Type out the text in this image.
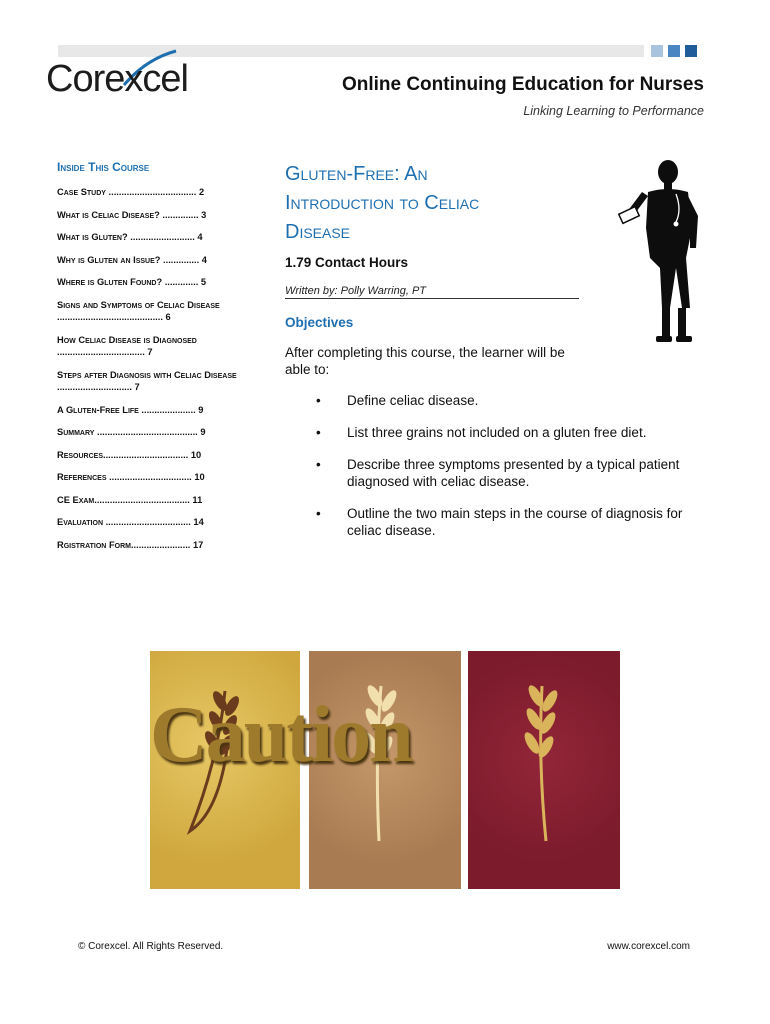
Corexcel	Online Continuing Education for Nurses
Linking Learning to Performance
Inside This Course
Case Study .................................. 2
What is Celiac Disease? .............. 3
What is Gluten? ......................... 4
Why is Gluten an Issue? .............. 4
Where is Gluten Found? ............. 5
Signs and Symptoms of Celiac Disease ......................................... 6
How Celiac Disease is Diagnosed .................................. 7
Steps after Diagnosis with Celiac Disease ............................. 7
A Gluten-Free Life ..................... 9
Summary ....................................... 9
Resources................................. 10
References ................................ 10
CE Exam..................................... 11
Evaluation ................................. 14
Rgistration Form....................... 17
Gluten-Free: An
Introduction to Celiac
Disease
1.79 Contact Hours
Written by: Polly Warring, PT
Objectives
After completing this course, the learner will be able to:
• Define celiac disease.
• List three grains not included on a gluten free diet.
• Describe three symptoms presented by a typical patient diagnosed with celiac disease.
• Outline the two main steps in the course of diagnosis for celiac disease.
Caution
© Corexcel. All Rights Reserved.	www.corexcel.com
